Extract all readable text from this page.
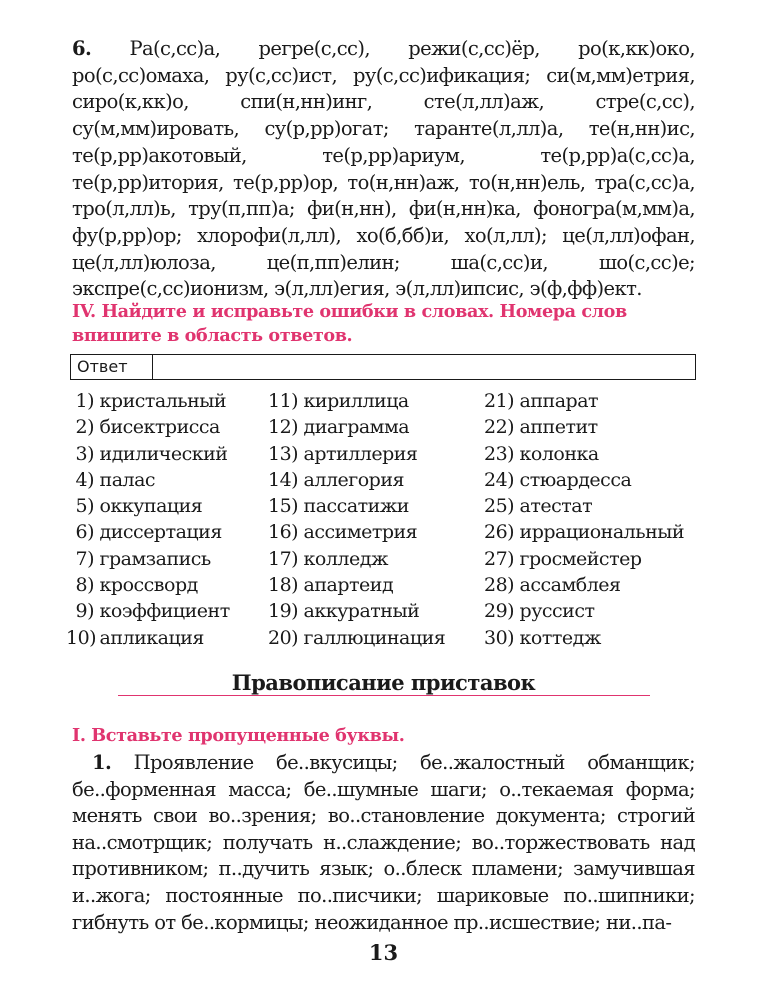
6. Ра(с,сс)а, регре(с,сс), режи(с,сс)ёр, ро(к,кк)око, ро(с,сс)омаха, ру(с,сс)ист, ру(с,сс)ификация; си(м,мм)етрия, сиро(к,кк)о, спи(н,нн)инг, сте(л,лл)аж, стре(с,сс), су(м,мм)ировать, су(р,рр)огат; таранте(л,лл)а, те(н,нн)ис, те(р,рр)акотовый, те(р,рр)ариум, те(р,рр)а(с,сс)а, те(р,рр)итория, те(р,рр)ор, то(н,нн)аж, то(н,нн)ель, тра(с,сс)а, тро(л,лл)ь, тру(п,пп)а; фи(н,нн), фи(н,нн)ка, фоногра(м,мм)а, фу(р,рр)ор; хлорофи(л,лл), хо(б,бб)и, хо(л,лл); це(л,лл)офан, це(л,лл)юлоза, це(п,пп)елин; ша(с,сс)и, шо(с,сс)е; экспре(с,сс)ионизм, э(л,лл)егия, э(л,лл)ипсис, э(ф,фф)ект.
IV. Найдите и исправьте ошибки в словах. Номера слов впишите в область ответов.
Ответ
1) кристальный
2) бисектрисса
3) идилический
4) палас
5) оккупация
6) диссертация
7) грамзапись
8) кроссворд
9) коэффициент
10) апликация
11) кириллица
12) диаграмма
13) артиллерия
14) аллегория
15) пассатижи
16) ассиметрия
17) колледж
18) апартеид
19) аккуратный
20) галлюцинация
21) аппарат
22) аппетит
23) колонка
24) стюардесса
25) атестат
26) иррациональный
27) гросмейстер
28) ассамблея
29) руссист
30) коттедж
Правописание приставок
I. Вставьте пропущенные буквы.
1. Проявление бе..вкусицы; бе..жалостный обманщик; бе..форменная масса; бе..шумные шаги; о..текаемая форма; менять свои во..зрения; во..становление документа; строгий на..смотрщик; получать н..слаждение; во..торжествовать над противником; п..дучить язык; о..блеск пламени; замучившая и..жога; постоянные по..писчики; шариковые по..шипники; гибнуть от бе..кормицы; неожиданное пр..исшествие; ни..па-
13
